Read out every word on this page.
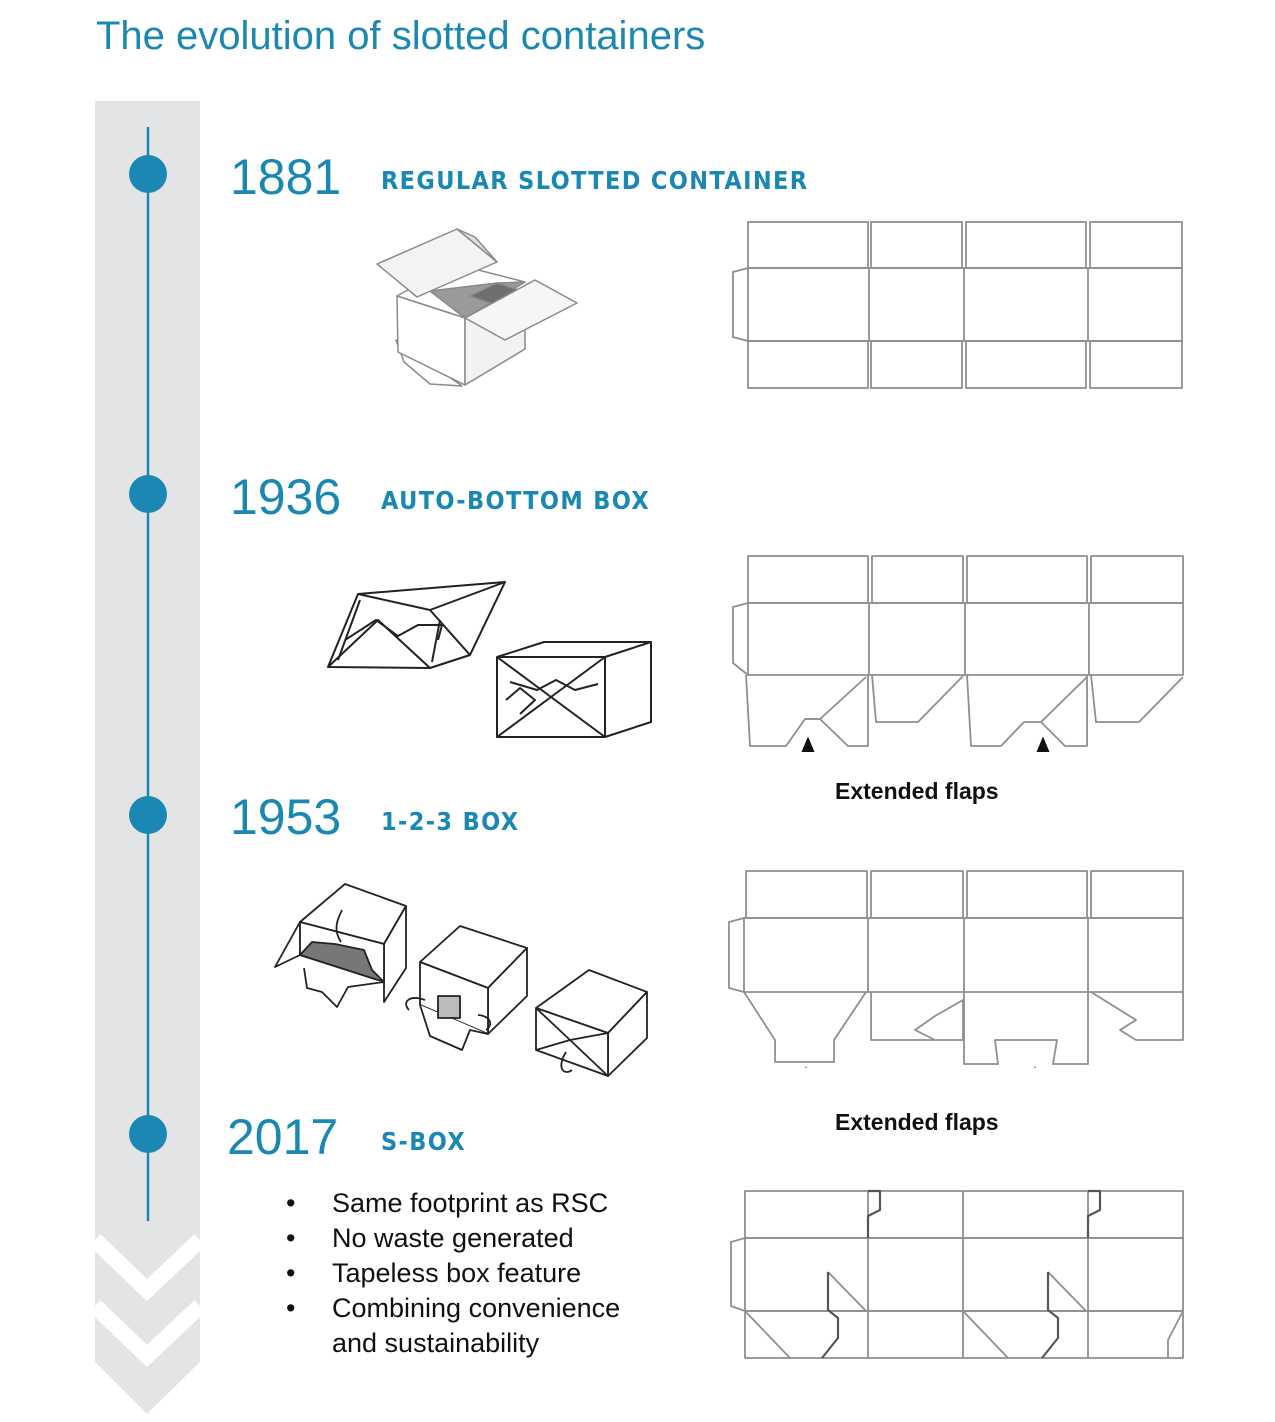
The evolution of slotted containers
1881 REGULAR SLOTTED CONTAINER
1936 AUTO-BOTTOM BOX
Extended flaps
1953 1-2-3 BOX
Extended flaps
2017 S-BOX
• Same footprint as RSC
• No waste generated
• Tapeless box feature
• Combining convenience and sustainability
